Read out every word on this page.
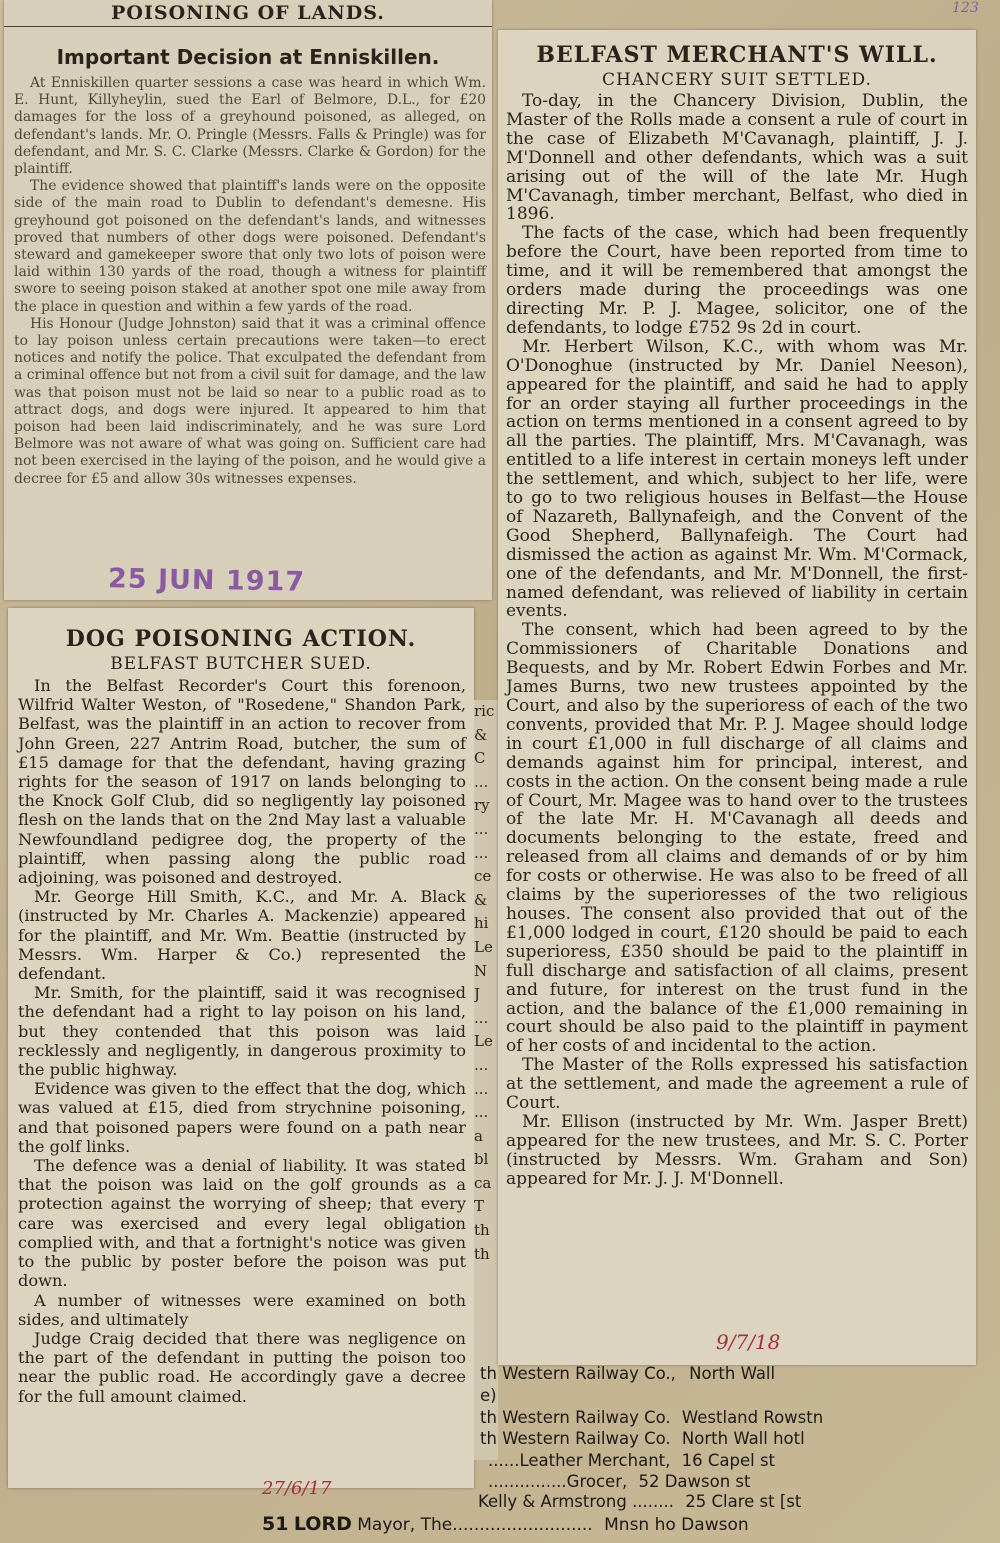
123
POISONING OF LANDS.
Important Decision at Enniskillen.

At Enniskillen quarter sessions a case was heard in which Wm. E. Hunt, Killyheylin, sued the Earl of Belmore, D.L., for £20 damages for the loss of a greyhound poisoned, as alleged, on defendant's lands. Mr. O. Pringle (Messrs. Falls & Pringle) was for defendant, and Mr. S. C. Clarke (Messrs. Clarke & Gordon) for the plaintiff.

The evidence showed that plaintiff's lands were on the opposite side of the main road to Dublin to defendant's demesne. His greyhound got poisoned on the defendant's lands, and witnesses proved that numbers of other dogs were poisoned. Defendant's steward and gamekeeper swore that only two lots of poison were laid within 130 yards of the road, though a witness for plaintiff swore to seeing poison staked at another spot one mile away from the place in question and within a few yards of the road.

His Honour (Judge Johnston) said that it was a criminal offence to lay poison unless certain precautions were taken—to erect notices and notify the police. That exculpated the defendant from a criminal offence but not from a civil suit for damage, and the law was that poison must not be laid so near to a public road as to attract dogs, and dogs were injured. It appeared to him that poison had been laid indiscriminately, and he was sure Lord Belmore was not aware of what was going on. Sufficient care had not been exercised in the laying of the poison, and he would give a decree for £5 and allow 30s witnesses expenses.

25 JUN 1917
DOG POISONING ACTION.
BELFAST BUTCHER SUED.

In the Belfast Recorder's Court this forenoon, Wilfrid Walter Weston, of "Rosedene," Shandon Park, Belfast, was the plaintiff in an action to recover from John Green, 227 Antrim Road, butcher, the sum of £15 damage for that the defendant, having grazing rights for the season of 1917 on lands belonging to the Knock Golf Club, did so negligently lay poisoned flesh on the lands that on the 2nd May last a valuable Newfoundland pedigree dog, the property of the plaintiff, when passing along the public road adjoining, was poisoned and destroyed.

Mr. George Hill Smith, K.C., and Mr. A. Black (instructed by Mr. Charles A. Mackenzie) appeared for the plaintiff, and Mr. Wm. Beattie (instructed by Messrs. Wm. Harper & Co.) represented the defendant.

Mr. Smith, for the plaintiff, said it was recognised the defendant had a right to lay poison on his land, but they contended that this poison was laid recklessly and negligently, in dangerous proximity to the public highway.

Evidence was given to the effect that the dog, which was valued at £15, died from strychnine poisoning, and that poisoned papers were found on a path near the golf links.

The defence was a denial of liability. It was stated that the poison was laid on the golf grounds as a protection against the worrying of sheep; that every care was exercised and every legal obligation complied with, and that a fortnight's notice was given to the public by poster before the poison was put down.

A number of witnesses were examined on both sides, and ultimately

Judge Craig decided that there was negligence on the part of the defendant in putting the poison too near the public road. He accordingly gave a decree for the full amount claimed.

27/6/17
ric
&
C
...
ry
...
...
ce
&
hi
Le
N
J
...
Le
...
...
...
a
bl
ca
T
th
th
BELFAST MERCHANT'S WILL.
CHANCERY SUIT SETTLED.

To-day, in the Chancery Division, Dublin, the Master of the Rolls made a consent a rule of court in the case of Elizabeth M'Cavanagh, plaintiff, J. J. M'Donnell and other defendants, which was a suit arising out of the will of the late Mr. Hugh M'Cavanagh, timber merchant, Belfast, who died in 1896.

The facts of the case, which had been frequently before the Court, have been reported from time to time, and it will be remembered that amongst the orders made during the proceedings was one directing Mr. P. J. Magee, solicitor, one of the defendants, to lodge £752 9s 2d in court.

Mr. Herbert Wilson, K.C., with whom was Mr. O'Donoghue (instructed by Mr. Daniel Neeson), appeared for the plaintiff, and said he had to apply for an order staying all further proceedings in the action on terms mentioned in a consent agreed to by all the parties. The plaintiff, Mrs. M'Cavanagh, was entitled to a life interest in certain moneys left under the settlement, and which, subject to her life, were to go to two religious houses in Belfast—the House of Nazareth, Ballynafeigh, and the Convent of the Good Shepherd, Ballynafeigh. The Court had dismissed the action as against Mr. Wm. M'Cormack, one of the defendants, and Mr. M'Donnell, the first-named defendant, was relieved of liability in certain events.

The consent, which had been agreed to by the Commissioners of Charitable Donations and Bequests, and by Mr. Robert Edwin Forbes and Mr. James Burns, two new trustees appointed by the Court, and also by the superioress of each of the two convents, provided that Mr. P. J. Magee should lodge in court £1,000 in full discharge of all claims and demands against him for principal, interest, and costs in the action. On the consent being made a rule of Court, Mr. Magee was to hand over to the trustees of the late Mr. H. M'Cavanagh all deeds and documents belonging to the estate, freed and released from all claims and demands of or by him for costs or otherwise. He was also to be freed of all claims by the superioresses of the two religious houses. The consent also provided that out of the £1,000 lodged in court, £120 should be paid to each superioress, £350 should be paid to the plaintiff in full discharge and satisfaction of all claims, present and future, for interest on the trust fund in the action, and the balance of the £1,000 remaining in court should be also paid to the plaintiff in payment of her costs of and incidental to the action.

The Master of the Rolls expressed his satisfaction at the settlement, and made the agreement a rule of Court.

Mr. Ellison (instructed by Mr. Wm. Jasper Brett) appeared for the new trustees, and Mr. S. C. Porter (instructed by Messrs. Wm. Graham and Son) appeared for Mr. J. J. M'Donnell.

9/7/18
th Western Railway Co., North Wall
e)
th Western Railway Co. Westland Rowstn
th Western Railway Co. North Wall hotl
......Leather Merchant, 16 Capel st
...............Grocer, 52 Dawson st
Kelly & Armstrong ........ 25 Clare st [st
51 LORD Mayor, The.......................... Mnsn ho Dawson
